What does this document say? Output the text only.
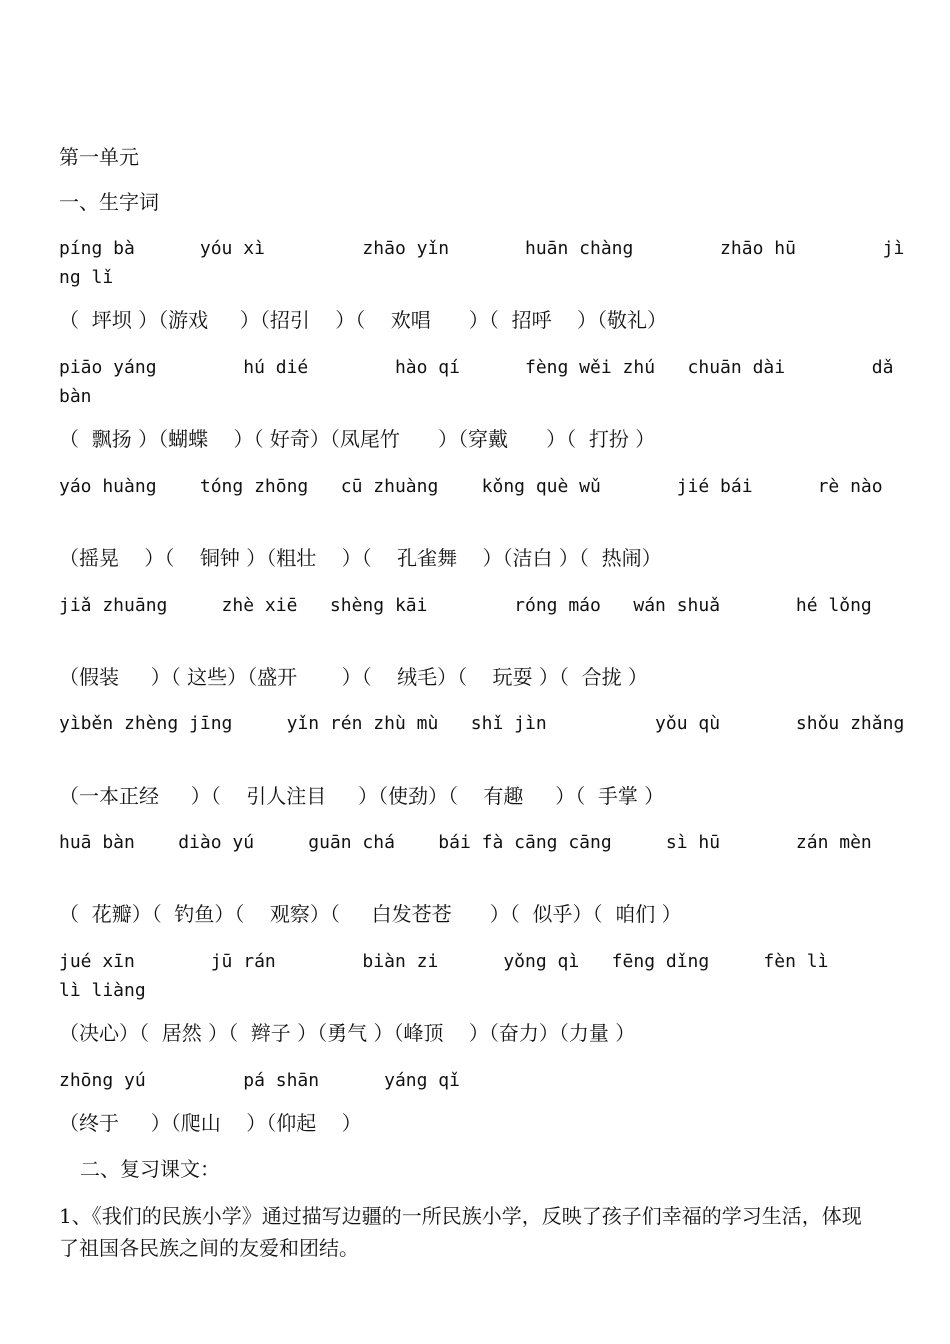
第一单元

一、生字词

píng bà      yóu xì         zhāo yǐn       huān chàng        zhāo hū        jìng lǐ

（  坪坝 ）（游戏     ）（招引    ）（    欢唱      ）（  招呼    ）（敬礼）

piāo yáng        hú dié        hào qí      fèng wěi zhú   chuān dài        dǎ bàn

（  飘扬 ）（蝴蝶    ）（ 好奇）（凤尾竹      ）（穿戴      ）（  打扮 ）

yáo huàng    tóng zhōng   cū zhuàng    kǒng què wǔ       jié bái      rè nào

（摇晃    ）（    铜钟 ）（粗壮    ）（    孔雀舞    ）（洁白 ）（  热闹）

jiǎ zhuāng     zhè xiē   shèng kāi        róng máo   wán shuǎ       hé lǒng

（假装     ）（ 这些）（盛开       ）（    绒毛）（    玩耍 ）（  合拢 ）

yìběn zhèng jīng     yǐn rén zhù mù   shǐ jìn          yǒu qù       shǒu zhǎng

（一本正经     ）（    引人注目     ）（使劲）（    有趣     ）（  手掌 ）

huā bàn    diào yú     guān chá    bái fà cāng cāng     sì hū       zán mèn

（  花瓣）（  钓鱼）（    观察）（     白发苍苍      ）（  似乎）（  咱们 ）

jué xīn       jū rán        biàn zi      yǒng qì   fēng dǐng     fèn lì       lì liàng

（决心）（  居然 ）（  辫子 ）（勇气 ）（峰顶    ）（奋力）（力量 ）

zhōng yú         pá shān      yáng qǐ

（终于     ）（爬山    ）（仰起    ）

二、复习课文：

1、《我们的民族小学》通过描写边疆的一所民族小学，反映了孩子们幸福的学习生活，体现了祖国各民族之间的友爱和团结。
